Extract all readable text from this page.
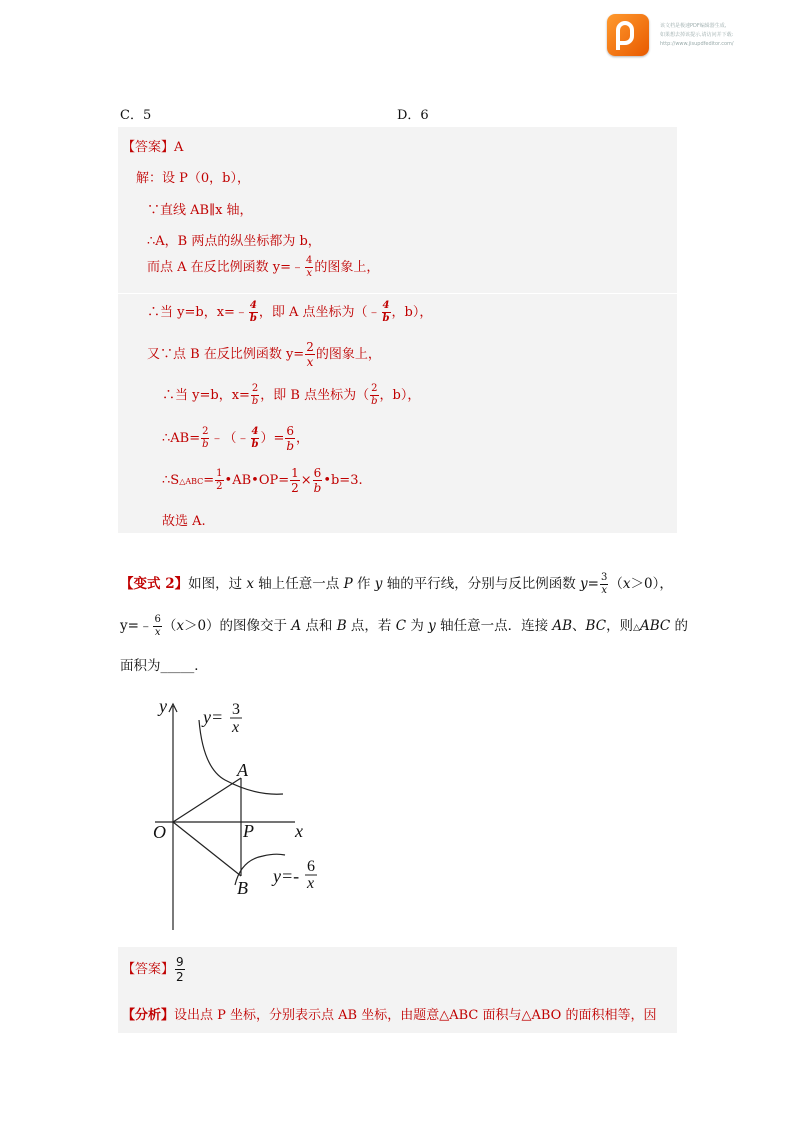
该文档是极速PDF编辑器生成,
如果想去掉该提示,请访问并下载:
http://www.jisupdfeditor.com/
C．5	D．6
【答案】A
解：设 P（0，b），
∵直线 AB∥x 轴，
∴A，B 两点的纵坐标都为 b，
而点 A 在反比例函数 y=﹣ $\frac{4}{x}$ 的图象上，
∴当 y=b，x=﹣ $\frac{4}{b}$ ，即 A 点坐标为（﹣ $\frac{4}{b}$ ，b），
又∵点 B 在反比例函数 $y= \frac{2}{x}$ 的图象上，
∴当 y=b，$x= \frac{2}{b}$ ，即 B 点坐标为（ $\frac{2}{b}$ ，b），
∴AB= $\frac{2}{b}$ ﹣（﹣ $\frac{4}{b}$ ）= $\frac{6}{b}$ ，
∴S△ABC= $\frac{1}{2}$ •AB•OP= $\frac{1}{2} \times \frac{6}{b}$ •b=3.
故选 A.
【变式 2】如图，过 x 轴上任意一点 P 作 y 轴的平行线，分别与反比例函数 $y= \frac{3}{x} (x>0)$，
y=﹣ $\frac{6}{x} (x>0)$的图像交于 A 点和 B 点，若 C 为 y 轴任意一点．连接 AB、BC，则△ABC 的
面积为_____．
y
x
O
A
P
B
y= 3
x
y=- 6
x
【答案】 $\frac{9}{2}$
【分析】设出点 P 坐标，分别表示点 AB 坐标，由题意△ABC 面积与△ABO 的面积相等，因
